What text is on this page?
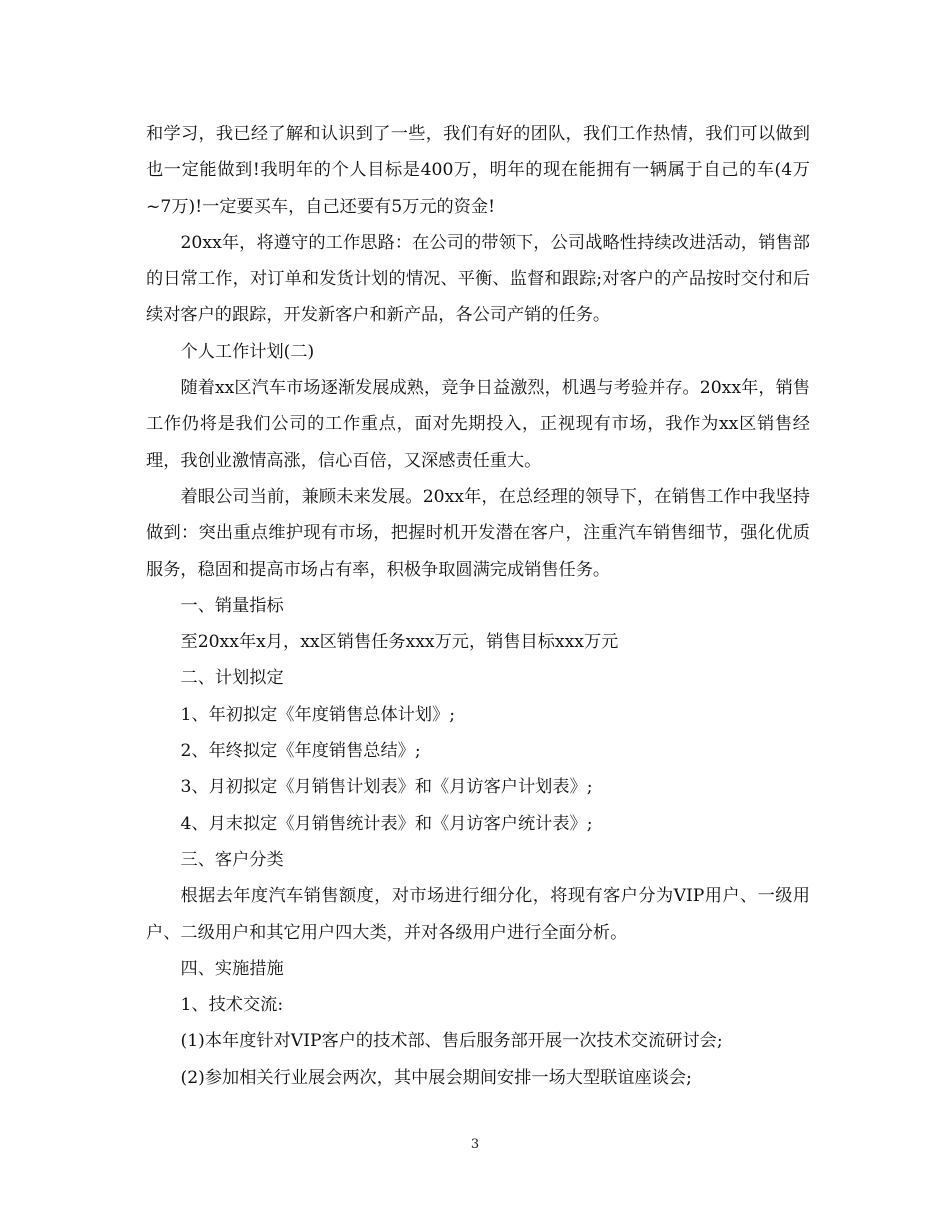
和学习，我已经了解和认识到了一些，我们有好的团队，我们工作热情，我们可以做到也一定能做到!我明年的个人目标是400万，明年的现在能拥有一辆属于自己的车(4万~7万)!一定要买车，自己还要有5万元的资金!

20xx年，将遵守的工作思路：在公司的带领下，公司战略性持续改进活动，销售部的日常工作，对订单和发货计划的情况、平衡、监督和跟踪;对客户的产品按时交付和后续对客户的跟踪，开发新客户和新产品，各公司产销的任务。

个人工作计划(二)

随着xx区汽车市场逐渐发展成熟，竞争日益激烈，机遇与考验并存。20xx年，销售工作仍将是我们公司的工作重点，面对先期投入，正视现有市场，我作为xx区销售经理，我创业激情高涨，信心百倍，又深感责任重大。

着眼公司当前，兼顾未来发展。20xx年，在总经理的领导下，在销售工作中我坚持做到：突出重点维护现有市场，把握时机开发潜在客户，注重汽车销售细节，强化优质服务，稳固和提高市场占有率，积极争取圆满完成销售任务。

一、销量指标

至20xx年x月，xx区销售任务xxx万元，销售目标xxx万元

二、计划拟定

1、年初拟定《年度销售总体计划》;

2、年终拟定《年度销售总结》;

3、月初拟定《月销售计划表》和《月访客户计划表》;

4、月末拟定《月销售统计表》和《月访客户统计表》;

三、客户分类

根据去年度汽车销售额度，对市场进行细分化，将现有客户分为VIP用户、一级用户、二级用户和其它用户四大类，并对各级用户进行全面分析。

四、实施措施

1、技术交流:

(1)本年度针对VIP客户的技术部、售后服务部开展一次技术交流研讨会;

(2)参加相关行业展会两次，其中展会期间安排一场大型联谊座谈会;

3
